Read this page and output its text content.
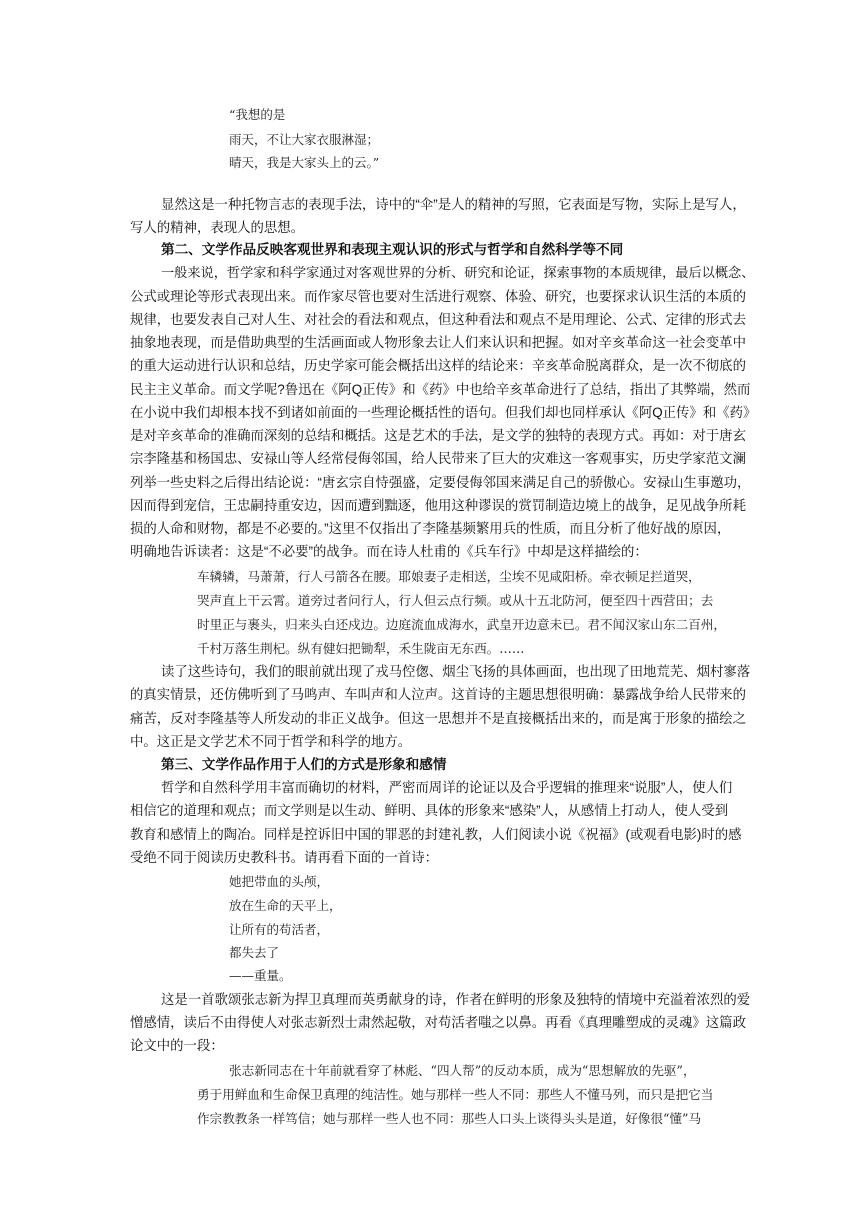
“我想的是
雨天，不让大家衣服淋湿；
晴天，我是大家头上的云。”
显然这是一种托物言志的表现手法，诗中的“伞”是人的精神的写照，它表面是写物，实际上是写人，
写人的精神，表现人的思想。
第二、文学作品反映客观世界和表现主观认识的形式与哲学和自然科学等不同
一般来说，哲学家和科学家通过对客观世界的分析、研究和论证，探索事物的本质规律，最后以概念、
公式或理论等形式表现出来。而作家尽管也要对生活进行观察、体验、研究，也要探求认识生活的本质的
规律，也要发表自己对人生、对社会的看法和观点，但这种看法和观点不是用理论、公式、定律的形式去
抽象地表现，而是借助典型的生活画面或人物形象去让人们来认识和把握。如对辛亥革命这一社会变革中
的重大运动进行认识和总结，历史学家可能会概括出这样的结论来：辛亥革命脱离群众，是一次不彻底的
民主主义革命。而文学呢?鲁迅在《阿Q正传》和《药》中也给辛亥革命进行了总结，指出了其弊端，然而
在小说中我们却根本找不到诸如前面的一些理论概括性的语句。但我们却也同样承认《阿Q正传》和《药》
是对辛亥革命的准确而深刻的总结和概括。这是艺术的手法，是文学的独特的表现方式。再如：对于唐玄
宗李隆基和杨国忠、安禄山等人经常侵侮邻国，给人民带来了巨大的灾难这一客观事实，历史学家范文澜
列举一些史料之后得出结论说：“唐玄宗自恃强盛，定要侵侮邻国来满足自己的骄傲心。安禄山生事邀功，
因而得到宠信，王忠嗣持重安边，因而遭到黜逐，他用这种谬误的赏罚制造边境上的战争，足见战争所耗
损的人命和财物，都是不必要的。”这里不仅指出了李隆基频繁用兵的性质，而且分析了他好战的原因，
明确地告诉读者：这是“不必要”的战争。而在诗人杜甫的《兵车行》中却是这样描绘的：
车辚辚，马萧萧，行人弓箭各在腰。耶娘妻子走相送，尘埃不见咸阳桥。牵衣顿足拦道哭，
哭声直上干云霄。道旁过者问行人，行人但云点行频。或从十五北防河，便至四十西营田；去
时里正与裹头，归来头白还戍边。边庭流血成海水，武皇开边意未已。君不闻汉家山东二百州，
千村万落生荆杞。纵有健妇把锄犁，禾生陇亩无东西。……
读了这些诗句，我们的眼前就出现了戎马倥偬、烟尘飞扬的具体画面，也出现了田地荒芜、烟村寥落
的真实情景，还仿佛听到了马鸣声、车叫声和人泣声。这首诗的主题思想很明确：暴露战争给人民带来的
痛苦，反对李隆基等人所发动的非正义战争。但这一思想并不是直接概括出来的，而是寓于形象的描绘之
中。这正是文学艺术不同于哲学和科学的地方。
第三、文学作品作用于人们的方式是形象和感情
哲学和自然科学用丰富而确切的材料，严密而周详的论证以及合乎逻辑的推理来“说服”人，使人们
相信它的道理和观点；而文学则是以生动、鲜明、具体的形象来“感染”人，从感情上打动人，使人受到
教育和感情上的陶冶。同样是控诉旧中国的罪恶的封建礼教，人们阅读小说《祝福》(或观看电影)时的感
受绝不同于阅读历史教科书。请再看下面的一首诗：
她把带血的头颅，
放在生命的天平上，
让所有的苟活者，
都失去了
——重量。
这是一首歌颂张志新为捍卫真理而英勇献身的诗，作者在鲜明的形象及独特的情境中充溢着浓烈的爱
憎感情，读后不由得使人对张志新烈士肃然起敬，对苟活者嗤之以鼻。再看《真理雕塑成的灵魂》这篇政
论文中的一段：
张志新同志在十年前就看穿了林彪、“四人帮”的反动本质，成为“思想解放的先驱”，
勇于用鲜血和生命保卫真理的纯洁性。她与那样一些人不同：那些人不懂马列，而只是把它当
作宗教教条一样笃信；她与那样一些人也不同：那些人口头上谈得头头是道，好像很“懂”马
